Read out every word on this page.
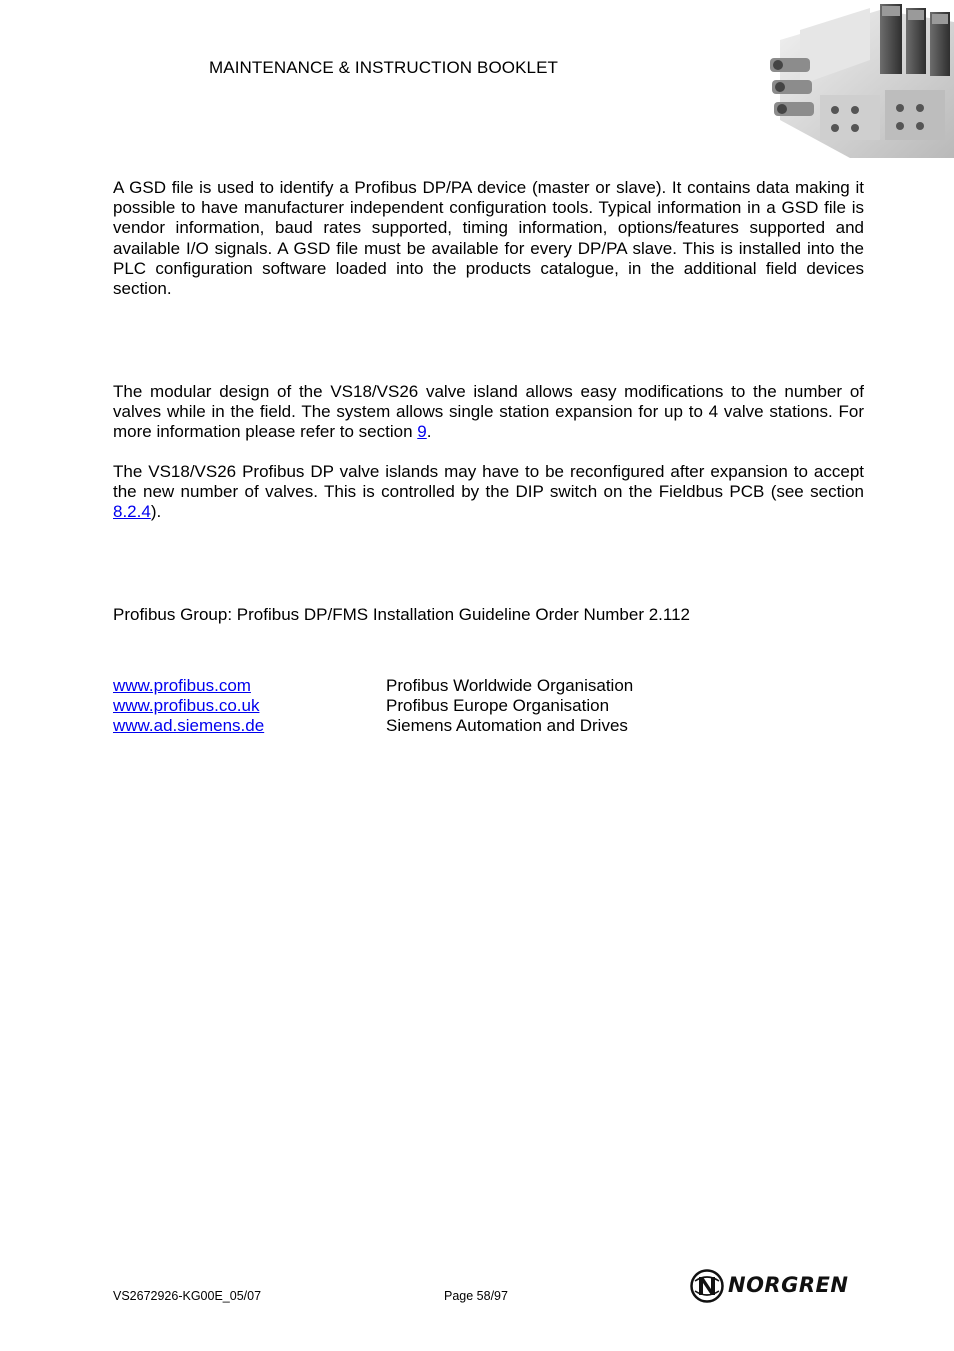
MAINTENANCE & INSTRUCTION BOOKLET

A GSD file is used to identify a Profibus DP/PA device (master or slave). It contains data making it possible to have manufacturer independent configuration tools. Typical information in a GSD file is vendor information, baud rates supported, timing information, options/features supported and available I/O signals. A GSD file must be available for every DP/PA slave. This is installed into the PLC configuration software loaded into the products catalogue, in the additional field devices section.

The modular design of the VS18/VS26 valve island allows easy modifications to the number of valves while in the field. The system allows single station expansion for up to 4 valve stations. For more information please refer to section 9.

The VS18/VS26 Profibus DP valve islands may have to be reconfigured after expansion to accept the new number of valves. This is controlled by the DIP switch on the Fieldbus PCB (see section 8.2.4).

Profibus Group: Profibus DP/FMS Installation Guideline Order Number 2.112

www.profibus.com	Profibus Worldwide Organisation
www.profibus.co.uk	Profibus Europe Organisation
www.ad.siemens.de	Siemens Automation and Drives
VS2672926-KG00E_05/07	Page 58/97	NORGREN
